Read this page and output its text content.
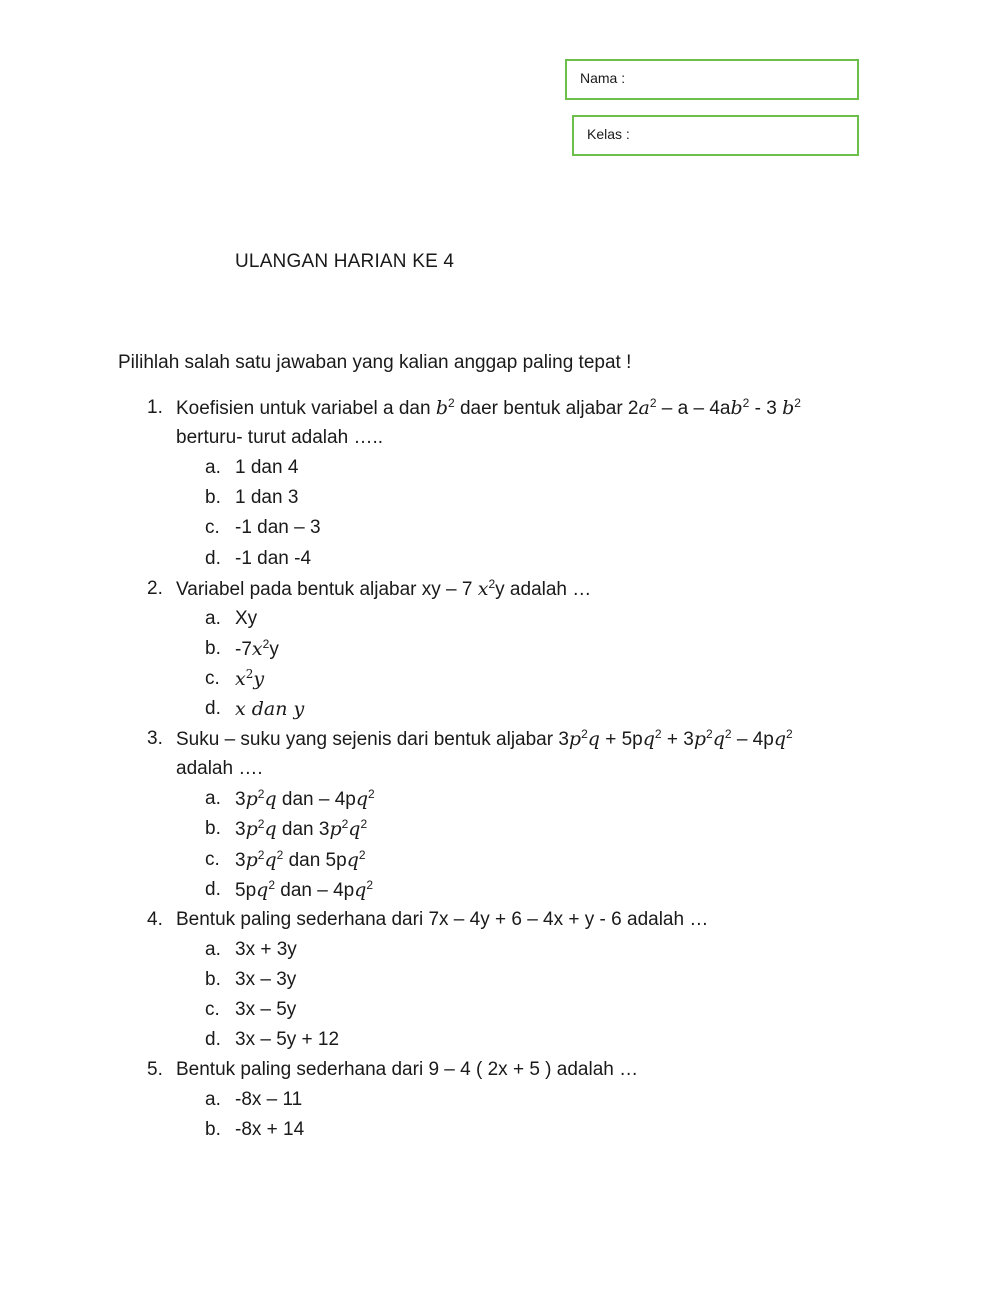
Nama :
Kelas :
ULANGAN HARIAN KE 4
Pilihlah salah satu jawaban yang kalian anggap paling tepat !
1. Koefisien untuk variabel a dan $b^2$ daer bentuk aljabar $2a^2$ – a – $4ab^2 - 3$ $b^2$
berturu- turut adalah …..
a. 1 dan 4
b. 1 dan 3
c. -1 dan – 3
d. -1 dan -4
2. Variabel pada bentuk aljabar xy – 7 $x^2y$ adalah …
a. Xy
b. $-7x^2y$
c. $x^2y$
d. x dan y
3. Suku – suku yang sejenis dari bentuk aljabar $3p^2q + 5pq^2 + 3p^2q^2 - 4pq^2$
adalah ….
a. $3p^2q$ dan – $4pq^2$
b. $3p^2q$ dan $3p^2q^2$
c. $3p^2q^2$ dan $5pq^2$
d. $5pq^2$ dan – $4pq^2$
4. Bentuk paling sederhana dari 7x – 4y + 6 – 4x + y - 6 adalah …
a. 3x + 3y
b. 3x – 3y
c. 3x – 5y
d. 3x – 5y + 12
5. Bentuk paling sederhana dari 9 – 4 ( 2x + 5 ) adalah …
a. -8x – 11
b. -8x + 14
